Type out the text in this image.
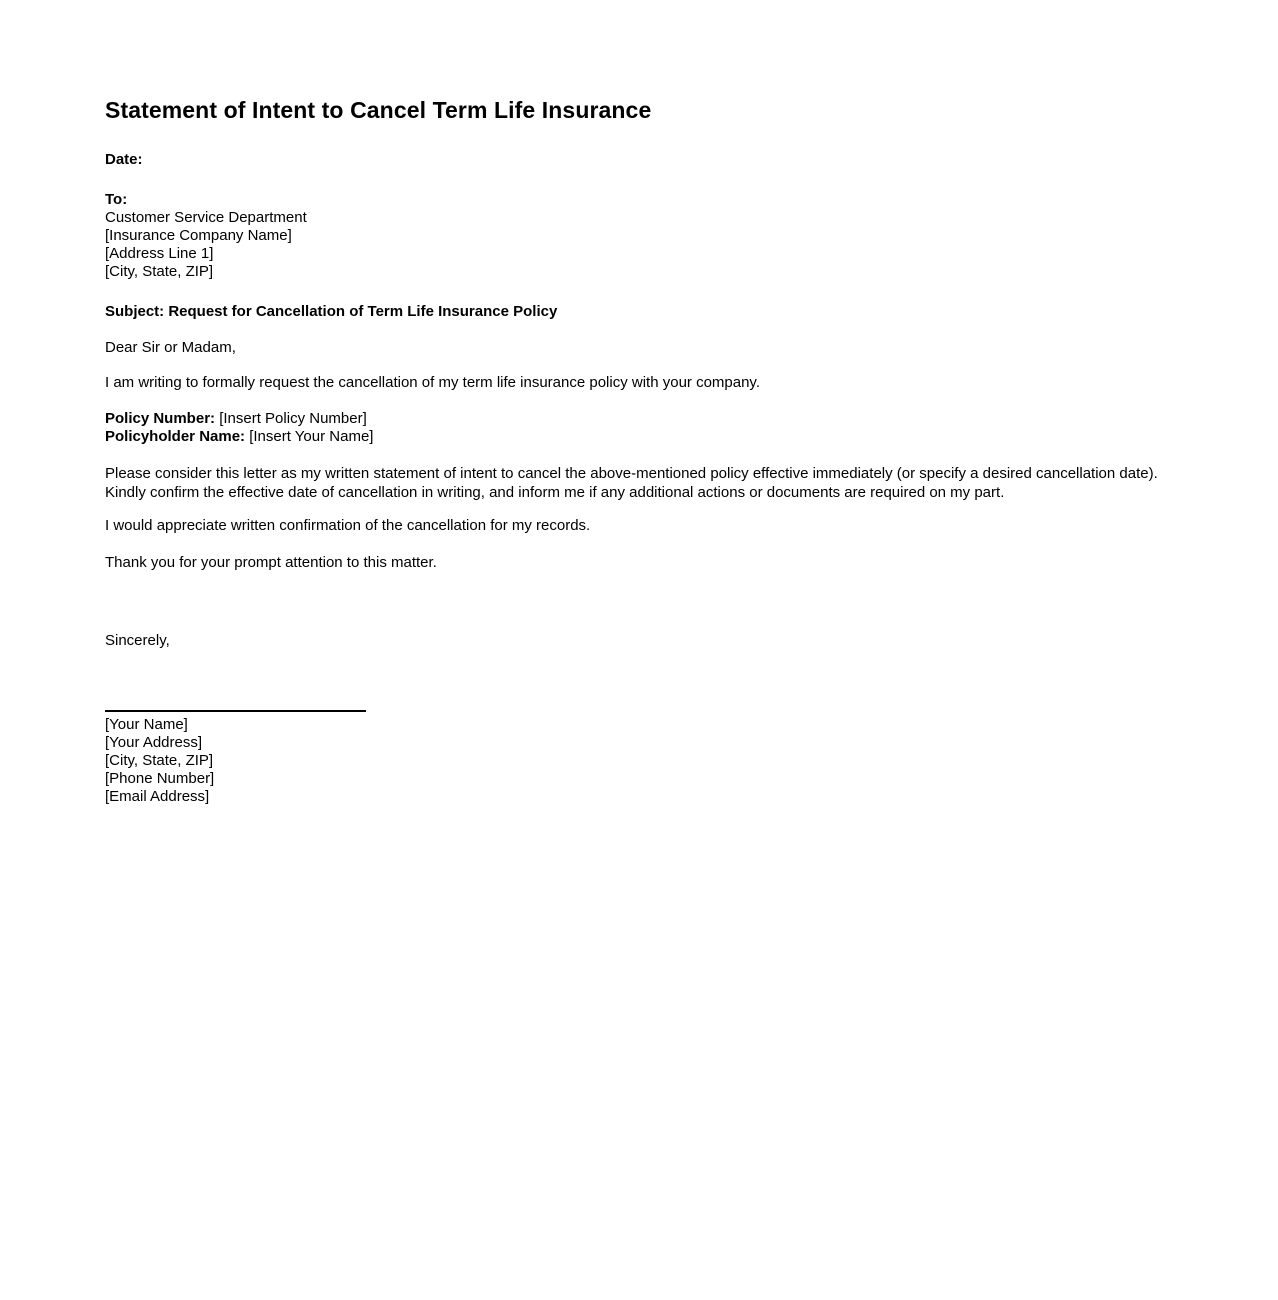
Statement of Intent to Cancel Term Life Insurance
Date:
To:
Customer Service Department
[Insurance Company Name]
[Address Line 1]
[City, State, ZIP]
Subject: Request for Cancellation of Term Life Insurance Policy
Dear Sir or Madam,

I am writing to formally request the cancellation of my term life insurance policy with your company.

Policy Number: [Insert Policy Number]
Policyholder Name: [Insert Your Name]

Please consider this letter as my written statement of intent to cancel the above-mentioned policy effective immediately (or specify a desired cancellation date). Kindly confirm the effective date of cancellation in writing, and inform me if any additional actions or documents are required on my part.

I would appreciate written confirmation of the cancellation for my records.

Thank you for your prompt attention to this matter.

Sincerely,
[Your Name]
[Your Address]
[City, State, ZIP]
[Phone Number]
[Email Address]
